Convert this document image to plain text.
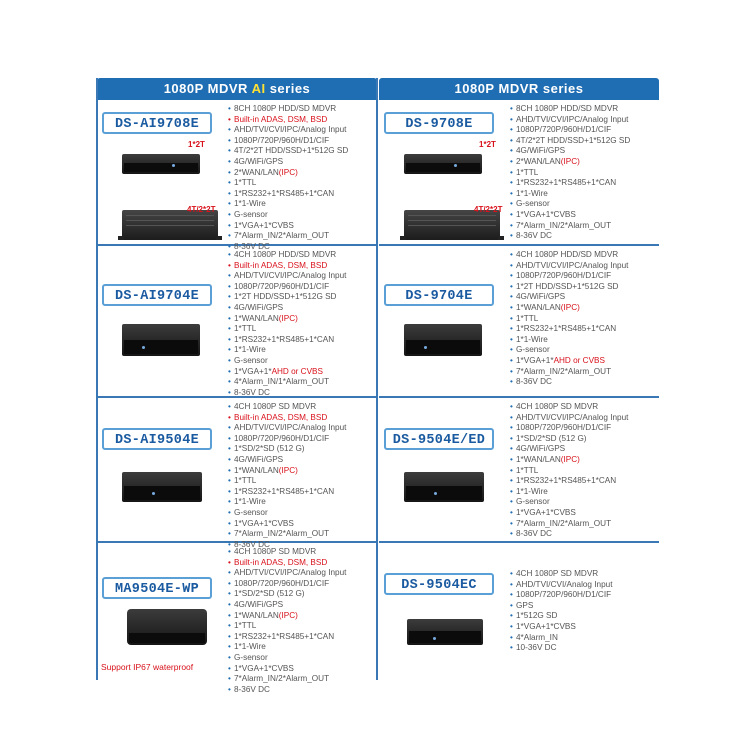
1080P MDVR AI series
DS-AI9708E
1*2T
4T/2*2T
• 8CH 1080P HDD/SD MDVR
• Built-in ADAS, DSM, BSD
• AHD/TVI/CVI/IPC/Analog Input
• 1080P/720P/960H/D1/CIF
• 4T/2*2T HDD/SSD+1*512G SD
• 4G/WiFi/GPS
• 2*WAN/LAN(IPC)
• 1*TTL
• 1*RS232+1*RS485+1*CAN
• 1*1-Wire
• G-sensor
• 1*VGA+1*CVBS
• 7*Alarm_IN/2*Alarm_OUT
• 8-36V DC
DS-AI9704E
• 4CH 1080P HDD/SD MDVR
• Built-in ADAS, DSM, BSD
• AHD/TVI/CVI/IPC/Analog Input
• 1080P/720P/960H/D1/CIF
• 1*2T HDD/SSD+1*512G SD
• 4G/WiFi/GPS
• 1*WAN/LAN(IPC)
• 1*TTL
• 1*RS232+1*RS485+1*CAN
• 1*1-Wire
• G-sensor
• 1*VGA+1*AHD or CVBS
• 4*Alarm_IN/1*Alarm_OUT
• 8-36V DC
DS-AI9504E
• 4CH 1080P SD MDVR
• Built-in ADAS, DSM, BSD
• AHD/TVI/CVI/IPC/Analog Input
• 1080P/720P/960H/D1/CIF
• 1*SD/2*SD (512 G)
• 4G/WiFi/GPS
• 1*WAN/LAN(IPC)
• 1*TTL
• 1*RS232+1*RS485+1*CAN
• 1*1-Wire
• G-sensor
• 1*VGA+1*CVBS
• 7*Alarm_IN/2*Alarm_OUT
• 8-36V DC
MA9504E-WP
Support IP67 waterproof
• 4CH 1080P SD MDVR
• Built-in ADAS, DSM, BSD
• AHD/TVI/CVI/IPC/Analog Input
• 1080P/720P/960H/D1/CIF
• 1*SD/2*SD (512 G)
• 4G/WiFi/GPS
• 1*WAN/LAN(IPC)
• 1*TTL
• 1*RS232+1*RS485+1*CAN
• 1*1-Wire
• G-sensor
• 1*VGA+1*CVBS
• 7*Alarm_IN/2*Alarm_OUT
• 8-36V DC
1080P MDVR series
DS-9708E
1*2T
4T/2*2T
• 8CH 1080P HDD/SD MDVR
• AHD/TVI/CVI/IPC/Analog Input
• 1080P/720P/960H/D1/CIF
• 4T/2*2T HDD/SSD+1*512G SD
• 4G/WiFi/GPS
• 2*WAN/LAN(IPC)
• 1*TTL
• 1*RS232+1*RS485+1*CAN
• 1*1-Wire
• G-sensor
• 1*VGA+1*CVBS
• 7*Alarm_IN/2*Alarm_OUT
• 8-36V DC
DS-9704E
• 4CH 1080P HDD/SD MDVR
• AHD/TVI/CVI/IPC/Analog Input
• 1080P/720P/960H/D1/CIF
• 1*2T HDD/SSD+1*512G SD
• 4G/WiFi/GPS
• 1*WAN/LAN(IPC)
• 1*TTL
• 1*RS232+1*RS485+1*CAN
• 1*1-Wire
• G-sensor
• 1*VGA+1*AHD or CVBS
• 7*Alarm_IN/2*Alarm_OUT
• 8-36V DC
DS-9504E/ED
• 4CH 1080P SD MDVR
• AHD/TVI/CVI/IPC/Analog Input
• 1080P/720P/960H/D1/CIF
• 1*SD/2*SD (512 G)
• 4G/WiFi/GPS
• 1*WAN/LAN(IPC)
• 1*TTL
• 1*RS232+1*RS485+1*CAN
• 1*1-Wire
• G-sensor
• 1*VGA+1*CVBS
• 7*Alarm_IN/2*Alarm_OUT
• 8-36V DC
DS-9504EC
• 4CH 1080P SD MDVR
• AHD/TVI/CVI/Analog Input
• 1080P/720P/960H/D1/CIF
• GPS
• 1*512G SD
• 1*VGA+1*CVBS
• 4*Alarm_IN
• 10-36V DC
